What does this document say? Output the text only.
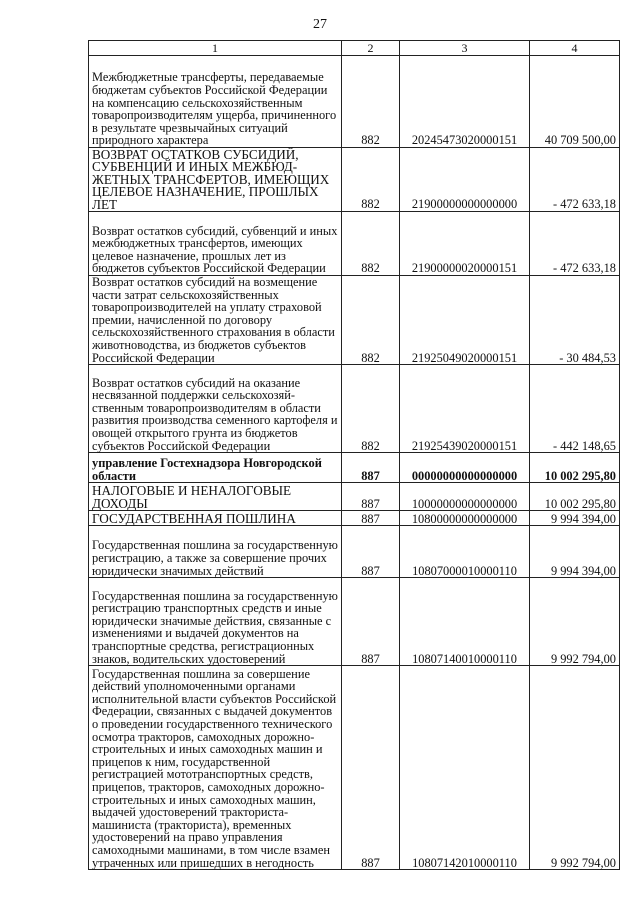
27
1	2	3	4
Межбюджетные трансферты, передаваемые бюджетам субъектов Российской Федерации на компенсацию сельскохозяйственным товаропроизводителям ущерба, причиненного в результате чрезвычайных ситуаций природного характера	882	20245473020000151	40 709 500,00
ВОЗВРАТ ОСТАТКОВ СУБСИДИЙ, СУБВЕНЦИЙ И ИНЫХ МЕЖБЮДЖЕТНЫХ ТРАНСФЕРТОВ, ИМЕЮЩИХ ЦЕЛЕВОЕ НАЗНАЧЕНИЕ, ПРОШЛЫХ ЛЕТ	882	21900000000000000	- 472 633,18
Возврат остатков субсидий, субвенций и иных межбюджетных трансфертов, имеющих целевое назначение, прошлых лет из бюджетов субъектов Российской Федерации	882	21900000020000151	- 472 633,18
Возврат остатков субсидий на возмещение части затрат сельскохозяйственных товаропроизводителей на уплату страховой премии, начисленной по договору сельскохозяйственного страхования в области животноводства, из бюджетов субъектов Российской Федерации	882	21925049020000151	- 30 484,53
Возврат остатков субсидий на оказание несвязанной поддержки сельскохозяйственным товаропроизводителям в области развития производства семенного картофеля и овощей открытого грунта из бюджетов субъектов Российской Федерации	882	21925439020000151	- 442 148,65
управление Гостехнадзора Новгородской области	887	00000000000000000	10 002 295,80
НАЛОГОВЫЕ И НЕНАЛОГОВЫЕ ДОХОДЫ	887	10000000000000000	10 002 295,80
ГОСУДАРСТВЕННАЯ ПОШЛИНА	887	10800000000000000	9 994 394,00
Государственная пошлина за государственную регистрацию, а также за совершение прочих юридически значимых действий	887	10807000010000110	9 994 394,00
Государственная пошлина за государственную регистрацию транспортных средств и иные юридически значимые действия, связанные с изменениями и выдачей документов на транспортные средства, регистрационных знаков, водительских удостоверений	887	10807140010000110	9 992 794,00
Государственная пошлина за совершение действий уполномоченными органами исполнительной власти субъектов Российской Федерации, связанных с выдачей документов о проведении государственного технического осмотра тракторов, самоходных дорожно-строительных и иных самоходных машин и прицепов к ним, государственной регистрацией мототранспортных средств, прицепов, тракторов, самоходных дорожно-строительных и иных самоходных машин, выдачей удостоверений тракториста-машиниста (тракториста), временных удостоверений на право управления самоходными машинами, в том числе взамен утраченных или пришедших в негодность	887	10807142010000110	9 992 794,00
